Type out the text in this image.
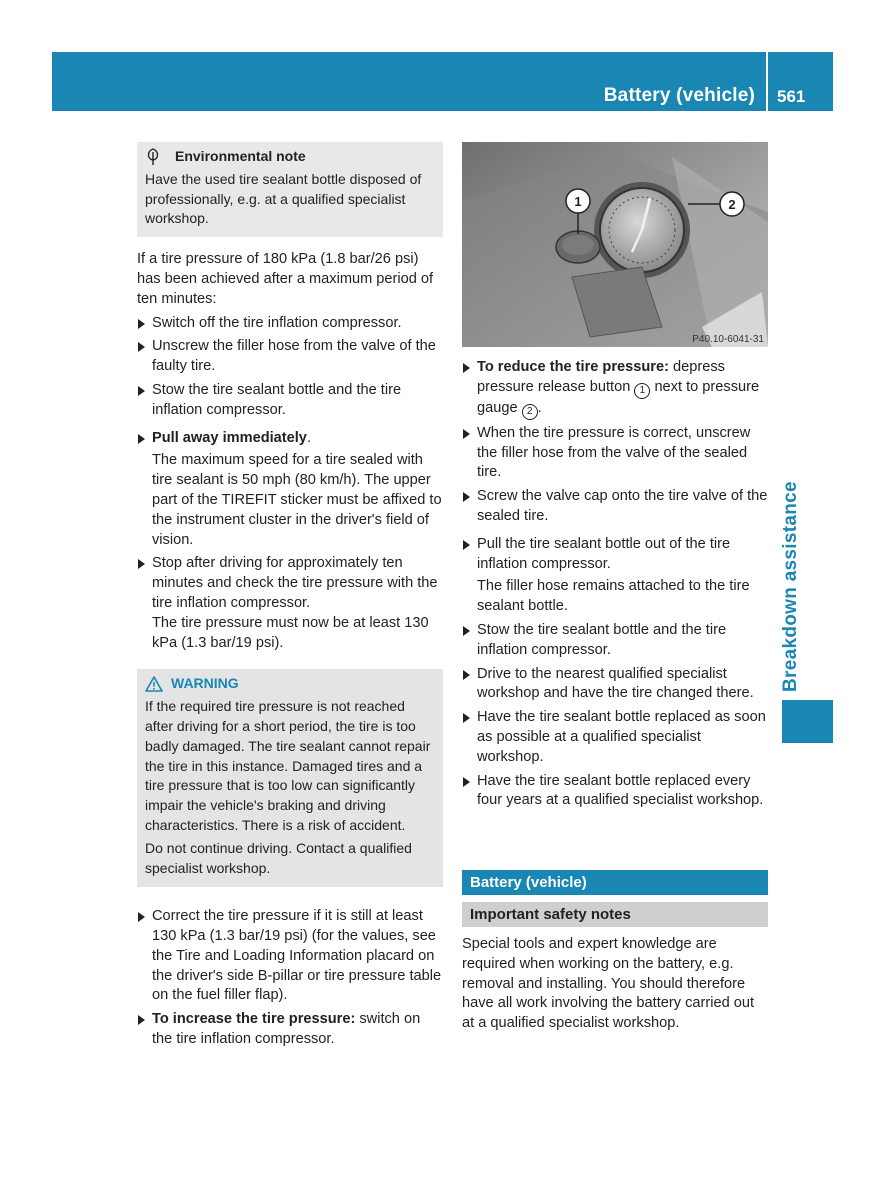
Battery (vehicle) 561
Breakdown assistance
Environmental note
Have the used tire sealant bottle disposed of professionally, e.g. at a qualified specialist workshop.

If a tire pressure of 180 kPa (1.8 bar/26 psi) has been achieved after a maximum period of ten minutes:

Switch off the tire inflation compressor.
Unscrew the filler hose from the valve of the faulty tire.
Stow the tire sealant bottle and the tire inflation compressor.
Pull away immediately.
The maximum speed for a tire sealed with tire sealant is 50 mph (80 km/h). The upper part of the TIREFIT sticker must be affixed to the instrument cluster in the driver's field of vision.
Stop after driving for approximately ten minutes and check the tire pressure with the tire inflation compressor.
The tire pressure must now be at least 130 kPa (1.3 bar/19 psi).
WARNING

If the required tire pressure is not reached after driving for a short period, the tire is too badly damaged. The tire sealant cannot repair the tire in this instance. Damaged tires and a tire pressure that is too low can significantly impair the vehicle's braking and driving characteristics. There is a risk of accident.

Do not continue driving. Contact a qualified specialist workshop.

Correct the tire pressure if it is still at least 130 kPa (1.3 bar/19 psi) (for the values, see the Tire and Loading Information placard on the driver's side B-pillar or tire pressure table on the fuel filler flap).
To increase the tire pressure: switch on the tire inflation compressor.
1	2
P40.10-6041-31
To reduce the tire pressure: depress pressure release button 1 next to pressure gauge 2 .
When the tire pressure is correct, unscrew the filler hose from the valve of the sealed tire.
Screw the valve cap onto the tire valve of the sealed tire.
Pull the tire sealant bottle out of the tire inflation compressor.
The filler hose remains attached to the tire sealant bottle.
Stow the tire sealant bottle and the tire inflation compressor.
Drive to the nearest qualified specialist workshop and have the tire changed there.
Have the tire sealant bottle replaced as soon as possible at a qualified specialist workshop.
Have the tire sealant bottle replaced every four years at a qualified specialist workshop.
Battery (vehicle)
Important safety notes
Special tools and expert knowledge are required when working on the battery, e.g. removal and installing. You should therefore have all work involving the battery carried out at a qualified specialist workshop.
